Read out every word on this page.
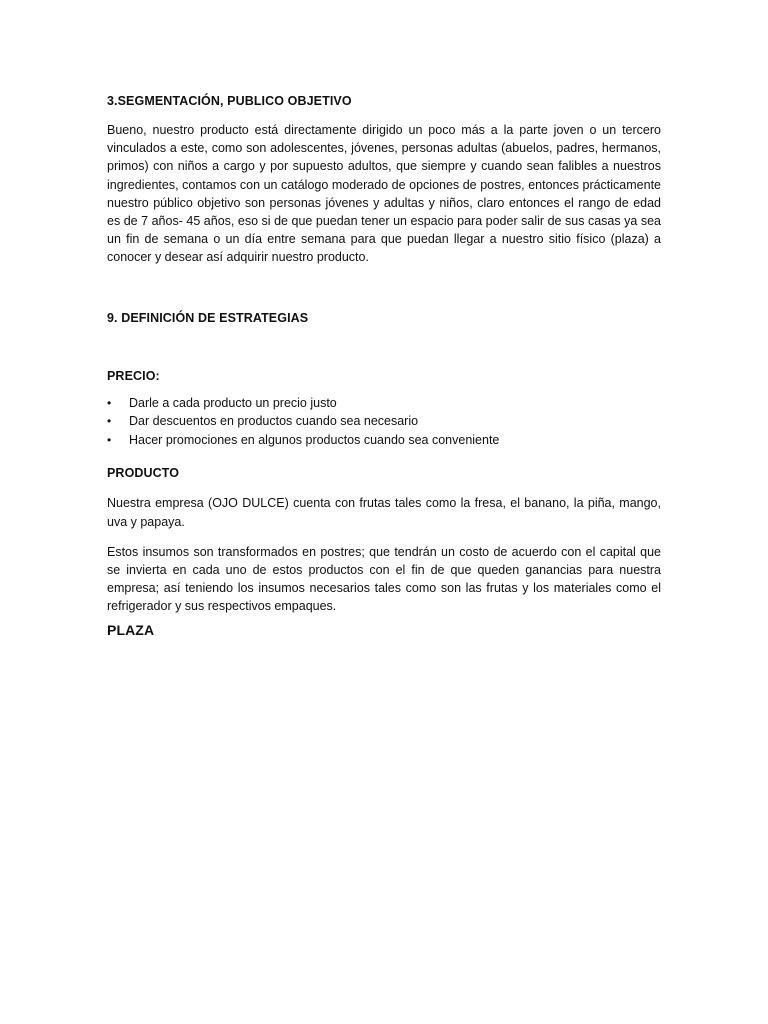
3.SEGMENTACIÓN, PUBLICO OBJETIVO

Bueno, nuestro producto está directamente dirigido un poco más a la parte joven o un tercero vinculados a este, como son adolescentes, jóvenes, personas adultas (abuelos, padres, hermanos, primos) con niños a cargo y por supuesto adultos, que siempre y cuando sean falibles a nuestros ingredientes, contamos con un catálogo moderado de opciones de postres, entonces prácticamente nuestro público objetivo son personas jóvenes y adultas y niños, claro entonces el rango de edad es de 7 años- 45 años, eso si de que puedan tener un espacio para poder salir de sus casas ya sea un fin de semana o un día entre semana para que puedan llegar a nuestro sitio físico (plaza) a conocer y desear así adquirir nuestro producto.

9. DEFINICIÓN DE ESTRATEGIAS
PRECIO:
• Darle a cada producto un precio justo
• Dar descuentos en productos cuando sea necesario
• Hacer promociones en algunos productos cuando sea conveniente
PRODUCTO

Nuestra empresa (OJO DULCE) cuenta con frutas tales como la fresa, el banano, la piña, mango, uva y papaya.

Estos insumos son transformados en postres; que tendrán un costo de acuerdo con el capital que se invierta en cada uno de estos productos con el fin de que queden ganancias para nuestra empresa; así teniendo los insumos necesarios tales como son las frutas y los materiales como el refrigerador y sus respectivos empaques.

PLAZA
